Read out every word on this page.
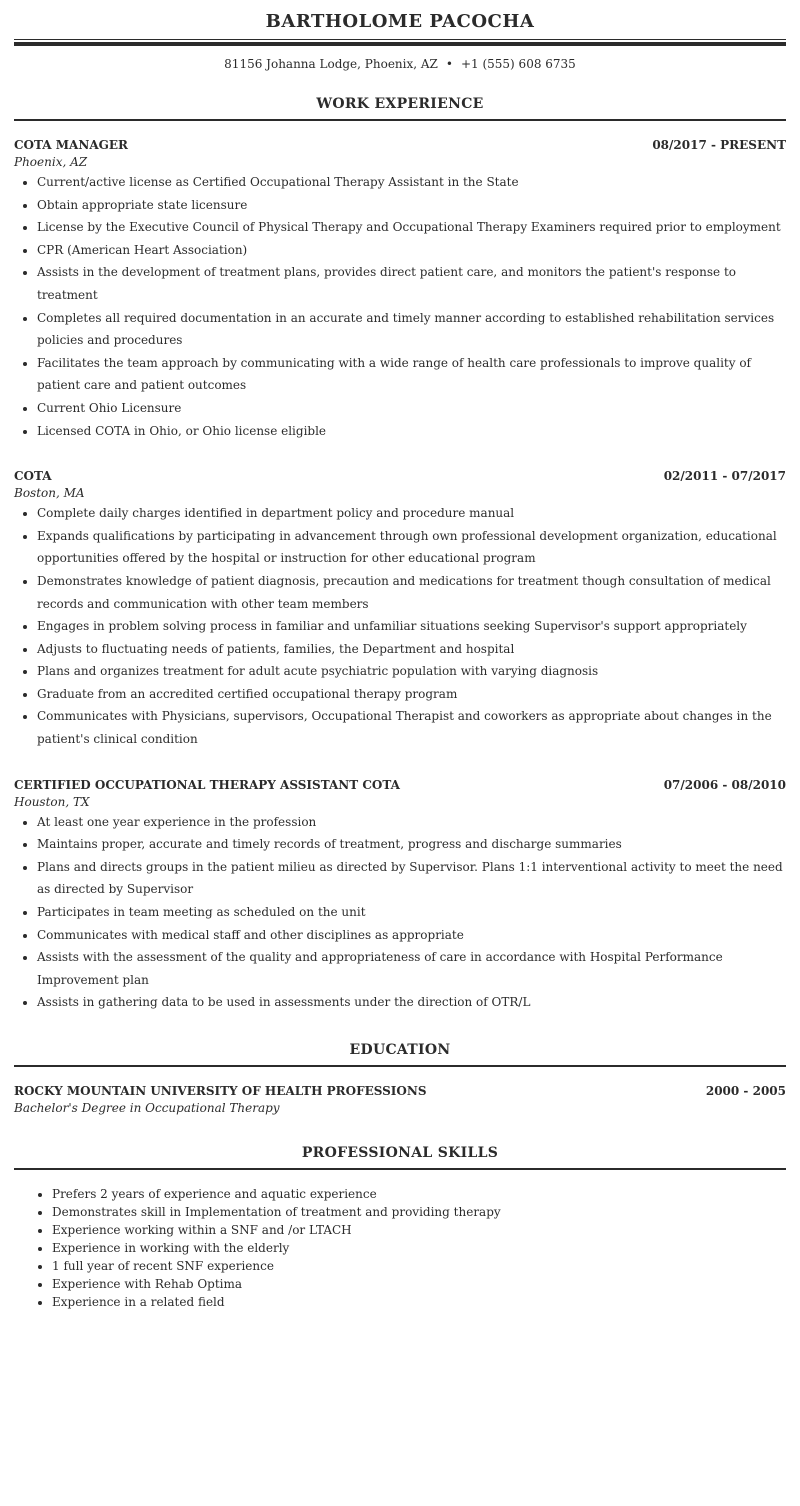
BARTHOLOME PACOCHA
81156 Johanna Lodge, Phoenix, AZ • +1 (555) 608 6735
WORK EXPERIENCE
COTA MANAGER	08/2017 - PRESENT
Phoenix, AZ
• Current/active license as Certified Occupational Therapy Assistant in the State
• Obtain appropriate state licensure
• License by the Executive Council of Physical Therapy and Occupational Therapy Examiners required prior to employment
• CPR (American Heart Association)
• Assists in the development of treatment plans, provides direct patient care, and monitors the patient's response to treatment
• Completes all required documentation in an accurate and timely manner according to established rehabilitation services policies and procedures
• Facilitates the team approach by communicating with a wide range of health care professionals to improve quality of patient care and patient outcomes
• Current Ohio Licensure
• Licensed COTA in Ohio, or Ohio license eligible
COTA	02/2011 - 07/2017
Boston, MA
• Complete daily charges identified in department policy and procedure manual
• Expands qualifications by participating in advancement through own professional development organization, educational opportunities offered by the hospital or instruction for other educational program
• Demonstrates knowledge of patient diagnosis, precaution and medications for treatment though consultation of medical records and communication with other team members
• Engages in problem solving process in familiar and unfamiliar situations seeking Supervisor's support appropriately
• Adjusts to fluctuating needs of patients, families, the Department and hospital
• Plans and organizes treatment for adult acute psychiatric population with varying diagnosis
• Graduate from an accredited certified occupational therapy program
• Communicates with Physicians, supervisors, Occupational Therapist and coworkers as appropriate about changes in the patient's clinical condition
CERTIFIED OCCUPATIONAL THERAPY ASSISTANT COTA	07/2006 - 08/2010
Houston, TX
• At least one year experience in the profession
• Maintains proper, accurate and timely records of treatment, progress and discharge summaries
• Plans and directs groups in the patient milieu as directed by Supervisor. Plans 1:1 interventional activity to meet the need as directed by Supervisor
• Participates in team meeting as scheduled on the unit
• Communicates with medical staff and other disciplines as appropriate
• Assists with the assessment of the quality and appropriateness of care in accordance with Hospital Performance Improvement plan
• Assists in gathering data to be used in assessments under the direction of OTR/L
EDUCATION
ROCKY MOUNTAIN UNIVERSITY OF HEALTH PROFESSIONS	2000 - 2005
Bachelor's Degree in Occupational Therapy
PROFESSIONAL SKILLS
• Prefers 2 years of experience and aquatic experience
• Demonstrates skill in Implementation of treatment and providing therapy
• Experience working within a SNF and /or LTACH
• Experience in working with the elderly
• 1 full year of recent SNF experience
• Experience with Rehab Optima
• Experience in a related field
